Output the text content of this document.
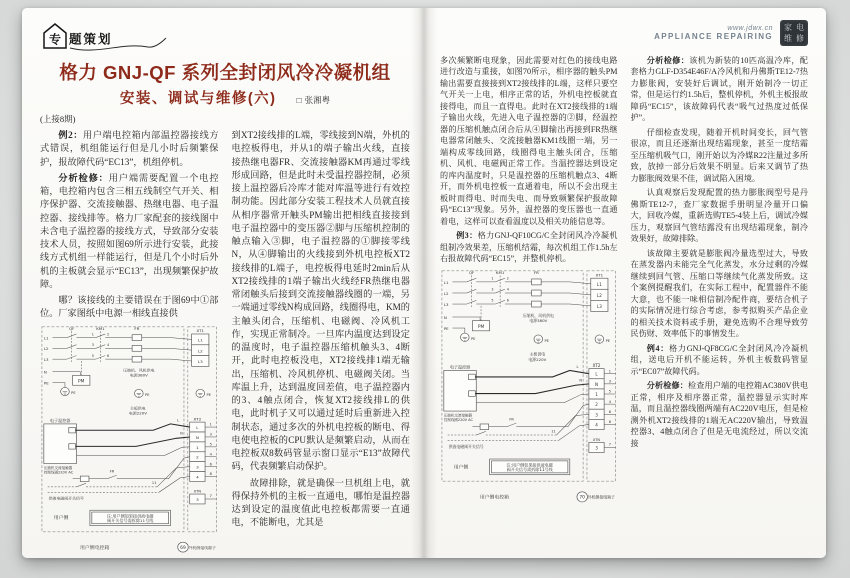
专 题策划
格力 GNJ-QF 系列全封闭风冷冷凝机组
安装、调试与维修(六) □ 张湘粤
(上接8期)

例2：用户端电控箱内部温控器接线方式错误，机组能运行但是几小时后频繁保护，报故障代码“EC13”，机组停机。

分析检修：用户端需要配置一个电控箱，电控箱内包含三相五线制空气开关、相序保护器、交流接触器、热继电器、电子温控器、接线排等。格力厂家配套的接线图中未含电子温控器的接线方式，导致部分安装技术人员，按照如图69所示进行安装，此接线方式机组一样能运行，但是几个小时后外机的主板就会显示“EC13”，出现频繁保护故障。

哪？该接线的主要错误在于图69中①部位。厂家图纸中电源一相线直接供

L1
L2
L3
N
PE
QF	KM1	FR
1	2
3	4
5	6
XT1
L1
L2
L3
PM
压缩机、风机供电
电源380V
PE	PE	PE
主板供电
电源220V
电子温控器	L
N
压缩机交流接触器
控制线圈220V AC	FR
11
供液电磁阀开关信号
XT2
L
N
1
2
3
4
1
3
5
4
6
8
7
XTN
3
注:用户侧如果接供液电磁
阀开关信号需拆除11号线
用户侧
用户侧电控箱	69 外机侧接线端子

到XT2接线排的L端，零线接到N端，外机的电控板得电，并从1的端子输出火线，直接接热继电器FR、交流接触器KM再通过零线形成回路，但是此时未受温控器控制，必须接上温控器后冷库才能对库温等进行有效控制功能。因此部分安装工程技术人员就直接从相序器常开触头PM输出把相线直接接到电子温控器中的变压器②脚与压缩机控制的触点输入③脚，电子温控器的①脚接零线N，从④脚输出的火线接到外机电控板XT2接线排的L端子，电控板得电延时2min后从XT2接线排的1端子输出火线经FR热继电器常闭触头后接到交流接触器线圈的一端，另一端通过零线N构成回路，线圈得电，KM的主触头闭合，压缩机、电磁阀、冷风机工作，实现正常制冷。一旦库内温度达到设定的温度时，电子温控器压缩机触头3、4断开，此时电控板没电，XT2接线排1端无输出，压缩机、冷风机停机、电磁阀关闭。当库温上升，达到温度回差值，电子温控器内的3、4触点闭合，恢复XT2接线排L的供电，此时机子又可以通过延时后重新进入控制状态，通过多次的外机电控板的断电、得电使电控板的CPU默认是频繁启动，从而在电控板双8数码管显示窗口显示“E13”故障代码，代表频繁启动保护。

故障排除，就是确保一旦机组上电，就得保持外机的主板一直通电，哪怕是温控器达到设定的温度值此电控板都需要一直通电，不能断电，尤其是

www.jdwx.cn
APPLIANCE REPAIRING
家 电
维 修

多次频繁断电现象，因此需要对红色的接线电路进行改造与重接，如图70所示，相序器的触头PM输出需要直接接到XT2接线排的L端，这样只要空气开关一上电，相序正常的话，外机电控板就直接得电，而且一直得电。此时在XT2接线排的1端子输出火线，先进入电子温控器的②脚，经温控器的压缩机触点闭合后从④脚输出再接到FR热继电器常闭触头、交流接触器KM1线圈一端，另一端构成零线回路，线圈得电主触头闭合，压缩机、风机、电磁阀正常工作。当温控器达到设定的库内温度时，只是温控器的压缩机触点3、4断开，而外机电控板一直通着电，所以不会出现主板时而得电、时而失电、而导致频繁保护报故障码“EC13”现象。另外，温控器的变压器也一直通着电，这样可以查看温度以及相关功能信息等。

例3：格力GNJ-QF10CG/C全封闭风冷冷凝机组制冷效果差，压缩机结霜，每次机组工作1.5h左右报故障代码“EC15”，并整机停机。

L1
L2
L3
N
PE
QF	KM1	FR
1	2
3	4
5	6
XT1
L1
L2
L3
PM
压缩机、风机供电
电源380V
PE	PE	PE
主板供电
电源220V
电子温控器	L
N
压缩机交流接触器
控制线圈220V AC	FR
11
供液电磁阀开关信号
XT2
L
N
1
2
3
4
1
3
5
4
6
8
7
XTN
3
注:用户侧如果接供液电磁
阀开关信号需拆除11号线
用户侧
用户侧电控箱	70 外机侧接线端子

分析检修：该机为新装的10匹高温冷库，配套格力GLF-D354E46F/A冷风机和丹佛斯TE12-7热力膨胀阀，安装好后调试，刚开始制冷一切正常，但是运行约1.5h后，整机停机，外机主板报故障码“EC15”，该故障码代表“吸气过热度过低保护”。

仔细检查发现，随着开机时间变长，回气管很凉，而且还逐渐出现结霜现象，甚至一度结霜至压缩机吸气口，刚开始以为冷媒R22注量过多所致，放掉一部分后效果不明显。后来又调节了热力膨胀阀效果不佳，调试陷入困境。

认真观察后发现配置的热力膨胀阀型号是丹佛斯TE12-7，查厂家数据手册明显冷量开口偏大，回收冷媒，重新选购TE5-4装上后，调试冷媒压力，观察回气管结露没有出现结霜现象，制冷效果好，故障排除。

该故障主要就是膨胀阀冷量选型过大，导致在蒸发器内未能完全气化蒸发，水分过剩的冷媒继续到回气管、压缩口等继续气化蒸发所致。这个案例提醒我们，在实际工程中，配置器件不能大意，也不能一味相信制冷配件商，要结合机子的实际情况进行综合考虑，参考拟购买产品企业的相关技术资料或手册，避免选购不合理导致劳民伤财、效率低下的事情发生。

例4：格力GNJ-QF8CG/C全封闭风冷冷凝机组，送电后开机不能运转，外机主板数码管显示“EC07”故障代码。

分析检修：检查用户端的电控箱AC380V供电正常，相序及相序器正常，温控器显示实时库温，而且温控器线圈两端有AC220V电压，但是检测外机XT2接线排的1端无AC220V输出，导致温控器3、4触点闭合了但是无电流经过，所以交流接
